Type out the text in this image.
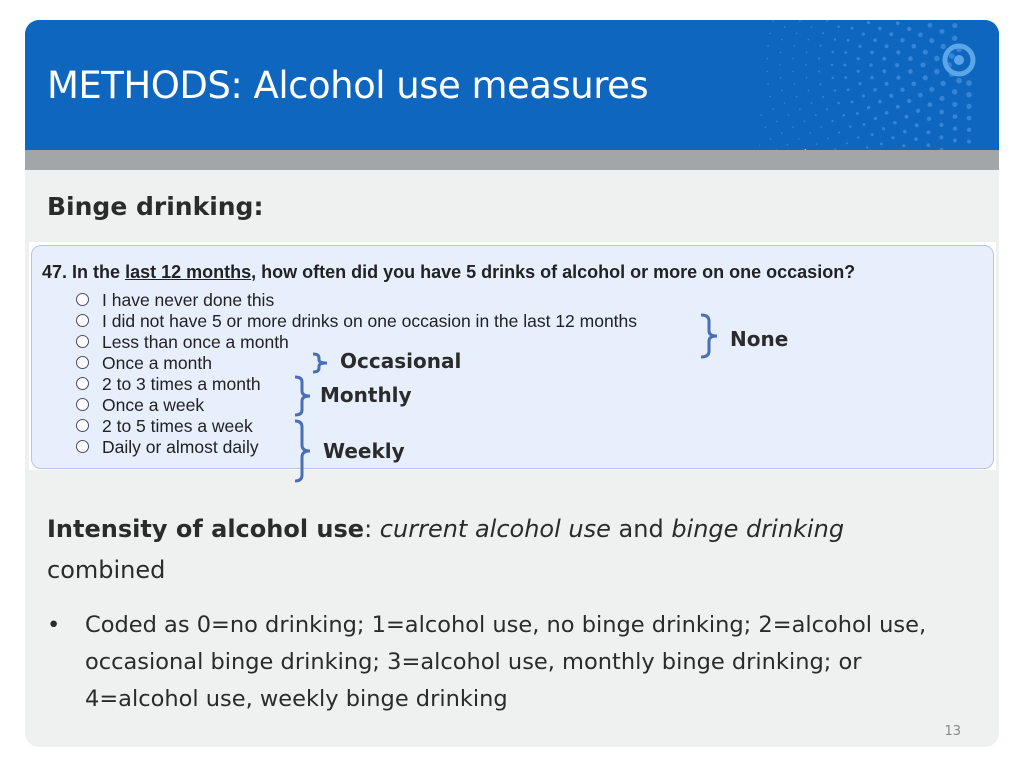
METHODS: Alcohol use measures
Binge drinking:
47. In the last 12 months, how often did you have 5 drinks of alcohol or more on one occasion?
I have never done this
I did not have 5 or more drinks on one occasion in the last 12 months
Less than once a month
Once a month
2 to 3 times a month
Once a week
2 to 5 times a week
Daily or almost daily
None
Occasional
Monthly
Weekly
Intensity of alcohol use: current alcohol use and binge drinking combined
• Coded as 0=no drinking; 1=alcohol use, no binge drinking; 2=alcohol use, occasional binge drinking; 3=alcohol use, monthly binge drinking; or 4=alcohol use, weekly binge drinking
13
